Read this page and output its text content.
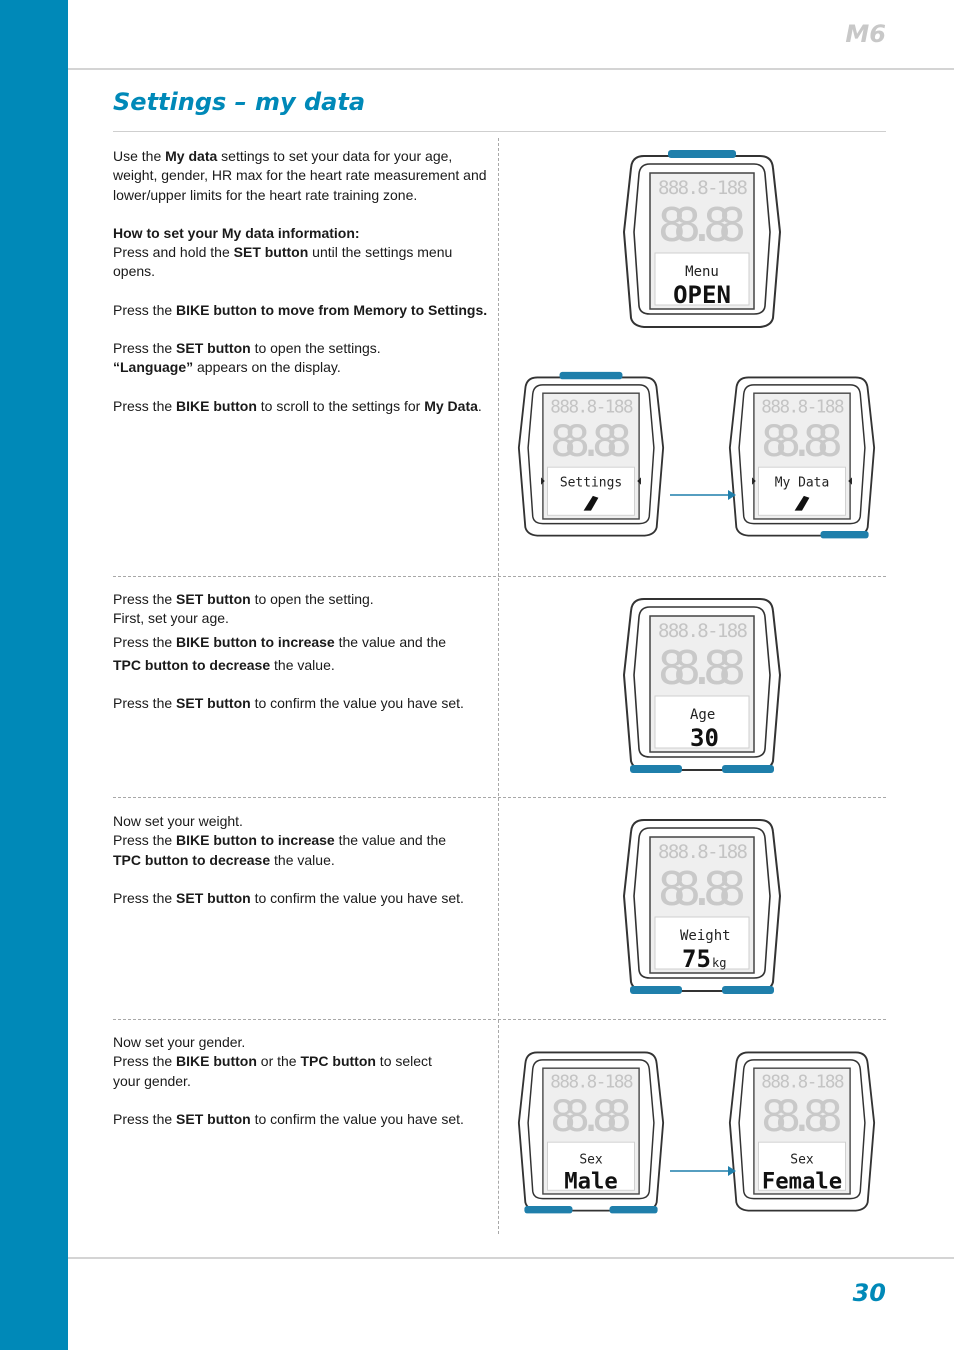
M6
Settings – my data

Use the My data settings to set your data for your age, weight, gender, HR max for the heart rate measurement and lower/upper limits for the heart rate training zone.

How to set your My data information:

Press and hold the SET button until the settings menu opens.

Press the BIKE button to move from Memory to Settings.

Press the SET button to open the settings.

“Language” appears on the display.

Press the BIKE button to scroll to the settings for My Data.

Press the SET button to open the setting.

First, set your age.

Press the BIKE button to increase the value and the

TPC button to decrease the value.

Press the SET button to confirm the value you have set.

Now set your weight.

Press the BIKE button to increase the value and the

TPC button to decrease the value.

Press the SET button to confirm the value you have set.

Now set your gender.

Press the BIKE button or the TPC button to select

your gender.

Press the SET button to confirm the value you have set.

888.8-188
88.88
Menu
OPEN
888.8-188
88.88
Settings
888.8-188
88.88
My Data
888.8-188
88.88
Age
30
888.8-188
88.88
Weight
75 kg
888.8-188
88.88
Sex
Male
888.8-188
88.88
Sex
Female
30
